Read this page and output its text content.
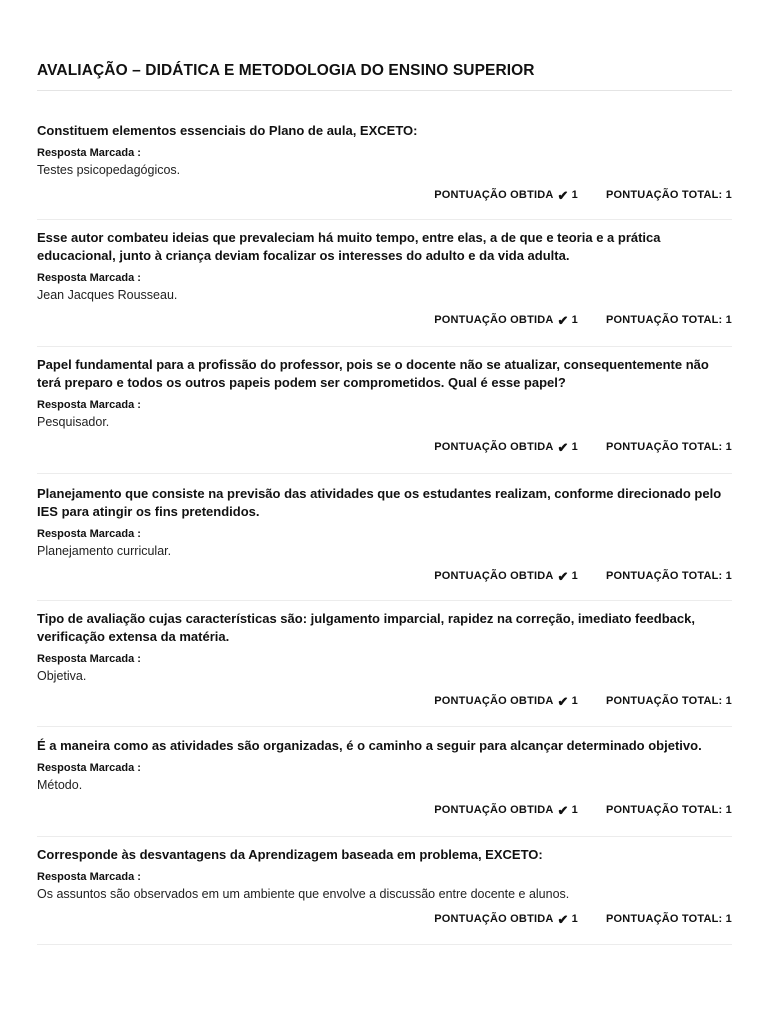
AVALIAÇÃO – DIDÁTICA E METODOLOGIA DO ENSINO SUPERIOR

Constituem elementos essenciais do Plano de aula, EXCETO:

Resposta Marcada :
Testes psicopedagógicos.
PONTUAÇÃO OBTIDA ✔ 1	PONTUAÇÃO TOTAL: 1

Esse autor combateu ideias que prevaleciam há muito tempo, entre elas, a de que e teoria e a prática educacional, junto à criança deviam focalizar os interesses do adulto e da vida adulta.

Resposta Marcada :
Jean Jacques Rousseau.
PONTUAÇÃO OBTIDA ✔ 1	PONTUAÇÃO TOTAL: 1

Papel fundamental para a profissão do professor, pois se o docente não se atualizar, consequentemente não terá preparo e todos os outros papeis podem ser comprometidos. Qual é esse papel?

Resposta Marcada :
Pesquisador.
PONTUAÇÃO OBTIDA ✔ 1	PONTUAÇÃO TOTAL: 1

Planejamento que consiste na previsão das atividades que os estudantes realizam, conforme direcionado pelo IES para atingir os fins pretendidos.

Resposta Marcada :
Planejamento curricular.
PONTUAÇÃO OBTIDA ✔ 1	PONTUAÇÃO TOTAL: 1

Tipo de avaliação cujas características são: julgamento imparcial, rapidez na correção, imediato feedback, verificação extensa da matéria.

Resposta Marcada :
Objetiva.
PONTUAÇÃO OBTIDA ✔ 1	PONTUAÇÃO TOTAL: 1

É a maneira como as atividades são organizadas, é o caminho a seguir para alcançar determinado objetivo.

Resposta Marcada :
Método.
PONTUAÇÃO OBTIDA ✔ 1	PONTUAÇÃO TOTAL: 1

Corresponde às desvantagens da Aprendizagem baseada em problema, EXCETO:

Resposta Marcada :
Os assuntos são observados em um ambiente que envolve a discussão entre docente e alunos.
PONTUAÇÃO OBTIDA ✔ 1	PONTUAÇÃO TOTAL: 1
